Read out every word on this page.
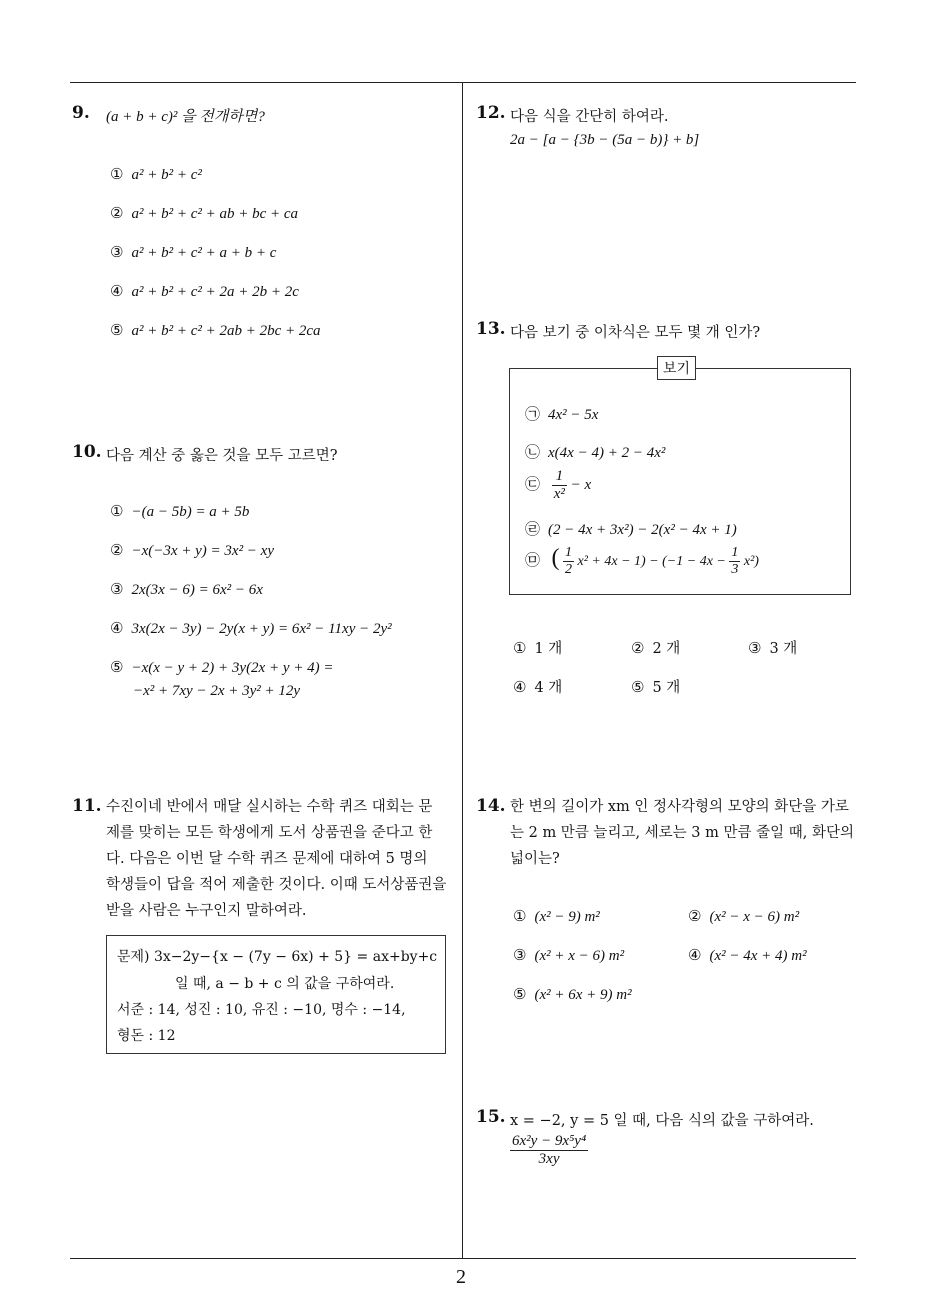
9. (a + b + c)² 을 전개하면?
① a² + b² + c²
② a² + b² + c² + ab + bc + ca
③ a² + b² + c² + a + b + c
④ a² + b² + c² + 2a + 2b + 2c
⑤ a² + b² + c² + 2ab + 2bc + 2ca
10. 다음 계산 중 옳은 것을 모두 고르면?
① −(a − 5b) = a + 5b
② −x(−3x + y) = 3x² − xy
③ 2x(3x − 6) = 6x² − 6x
④ 3x(2x − 3y) − 2y(x + y) = 6x² − 11xy − 2y²
⑤ −x(x − y + 2) + 3y(2x + y + 4) =
−x² + 7xy − 2x + 3y² + 12y
11. 수진이네 반에서 매달 실시하는 수학 퀴즈 대회는 문
제를 맞히는 모든 학생에게 도서 상품권을 준다고 한
다. 다음은 이번 달 수학 퀴즈 문제에 대하여 5 명의
학생들이 답을 적어 제출한 것이다. 이때 도서상품권을
받을 사람은 누구인지 말하여라.
문제) 3x−2y−{x − (7y − 6x) + 5} = ax+by+c
일 때, a − b + c 의 값을 구하여라.
서준 : 14, 성진 : 10, 유진 : −10, 명수 : −14,
형돈 : 12
12. 다음 식을 간단히 하여라.
2a − [a − {3b − (5a − b)} + b]
13. 다음 보기 중 이차식은 모두 몇 개 인가?
보기
㉠ 4x² − 5x
㉡ x(4x − 4) + 2 − 4x²
㉢ $\frac{1}{\text{x²}} - x$
㉣ (2 − 4x + 3x²) − 2(x² − 4x + 1)
㉤ ( $\frac{1}{2} x^2 + 4x - 1) - (-1 - 4x - \frac{1}{3} x^2)$
① 1 개	② 2 개	③ 3 개
④ 4 개	⑤ 5 개
14. 한 변의 길이가 xm 인 정사각형의 모양의 화단을 가로
는 2 m 만큼 늘리고, 세로는 3 m 만큼 줄일 때, 화단의
넓이는?
① (x² − 9) m²	② (x² − x − 6) m²
③ (x² + x − 6) m²	④ (x² − 4x + 4) m²
⑤ (x² + 6x + 9) m²
15. x = −2, y = 5 일 때, 다음 식의 값을 구하여라.
$\frac{\text{6x²y − 9x⁵y⁴}}{3xy}$
2
